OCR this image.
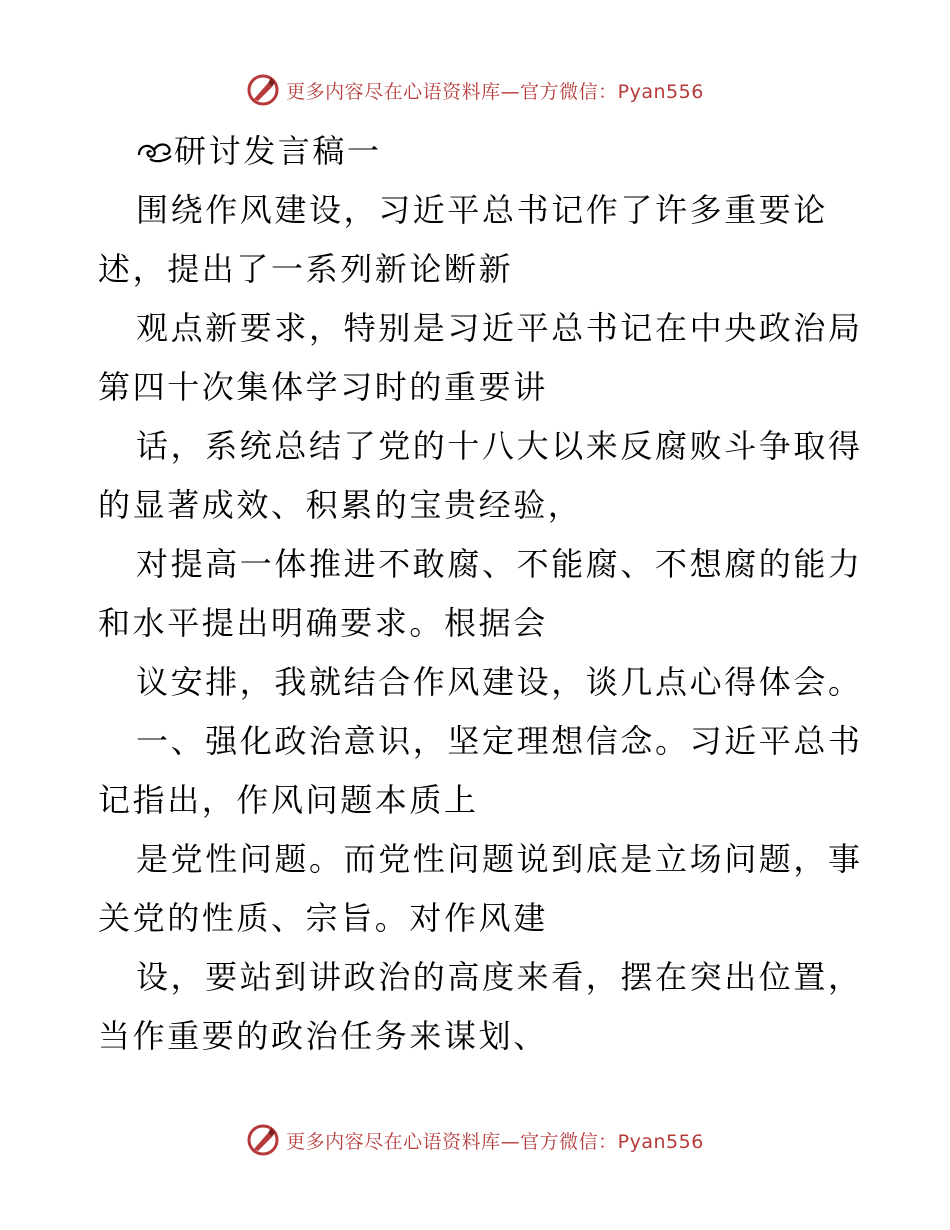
更多内容尽在心语资料库—官方微信：Pyan556
研讨发言稿一
围绕作风建设，习近平总书记作了许多重要论
述，提出了一系列新论断新
观点新要求，特别是习近平总书记在中央政治局
第四十次集体学习时的重要讲
话，系统总结了党的十八大以来反腐败斗争取得
的显著成效、积累的宝贵经验，
对提高一体推进不敢腐、不能腐、不想腐的能力
和水平提出明确要求。根据会
议安排，我就结合作风建设，谈几点心得体会。
一、强化政治意识，坚定理想信念。习近平总书
记指出，作风问题本质上
是党性问题。而党性问题说到底是立场问题，事
关党的性质、宗旨。对作风建
设，要站到讲政治的高度来看，摆在突出位置，
当作重要的政治任务来谋划、
更多内容尽在心语资料库—官方微信：Pyan556
